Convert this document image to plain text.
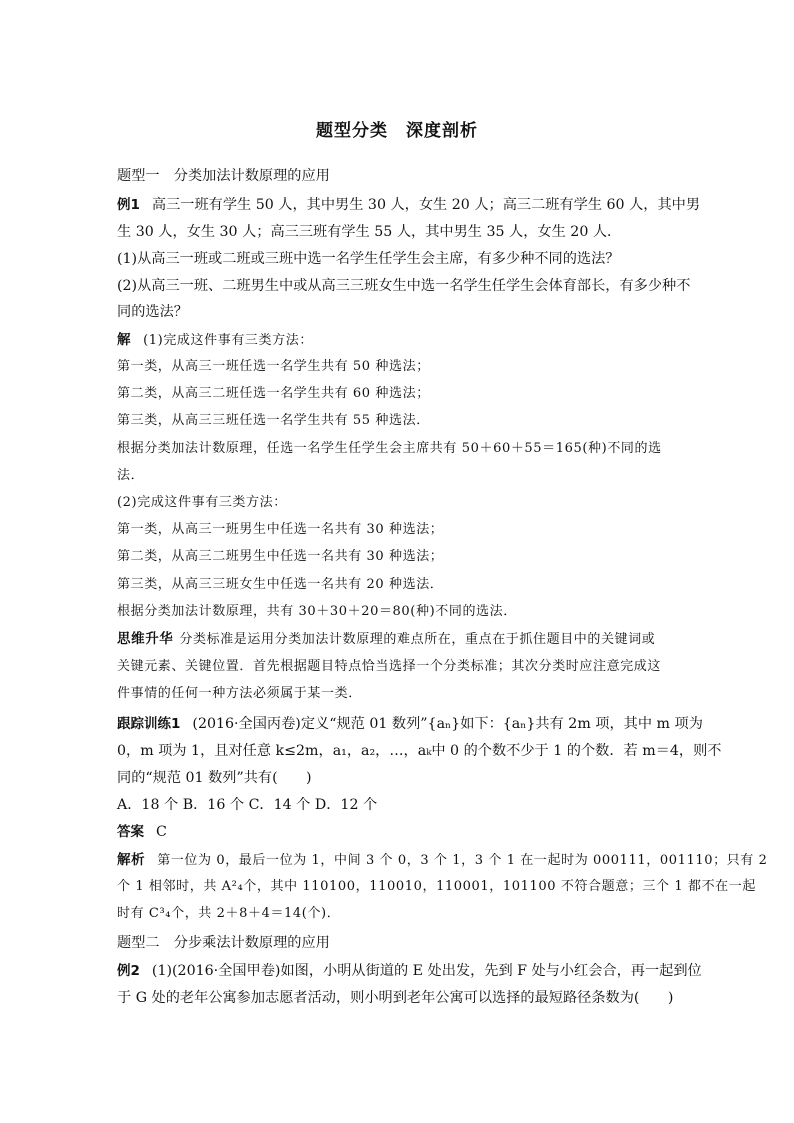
题型分类 深度剖析
题型一　分类加法计数原理的应用
例1 高三一班有学生 50 人，其中男生 30 人，女生 20 人；高三二班有学生 60 人，其中男
生 30 人，女生 30 人；高三三班有学生 55 人，其中男生 35 人，女生 20 人．
(1)从高三一班或二班或三班中选一名学生任学生会主席，有多少种不同的选法？
(2)从高三一班、二班男生中或从高三三班女生中选一名学生任学生会体育部长，有多少种不
同的选法？
解 (1)完成这件事有三类方法：
第一类，从高三一班任选一名学生共有 50 种选法；
第二类，从高三二班任选一名学生共有 60 种选法；
第三类，从高三三班任选一名学生共有 55 种选法．
根据分类加法计数原理，任选一名学生任学生会主席共有 50＋60＋55＝165(种)不同的选
法．
(2)完成这件事有三类方法：
第一类，从高三一班男生中任选一名共有 30 种选法；
第二类，从高三二班男生中任选一名共有 30 种选法；
第三类，从高三三班女生中任选一名共有 20 种选法．
根据分类加法计数原理，共有 30＋30＋20＝80(种)不同的选法．
思维升华 分类标准是运用分类加法计数原理的难点所在，重点在于抓住题目中的关键词或
关键元素、关键位置．首先根据题目特点恰当选择一个分类标准；其次分类时应注意完成这
件事情的任何一种方法必须属于某一类．
跟踪训练1 (2016·全国丙卷)定义“规范 01 数列”{aₙ}如下：{aₙ}共有 2m 项，其中 m 项为
0，m 项为 1，且对任意 k≤2m，a₁，a₂，…，aₖ中 0 的个数不少于 1 的个数．若 m＝4，则不
同的“规范 01 数列”共有(　　)
A．18 个 B．16 个 C．14 个 D．12 个
答案 C
解析 第一位为 0，最后一位为 1，中间 3 个 0，3 个 1，3 个 1 在一起时为 000111，001110；只有 2
个 1 相邻时，共 A²₄个，其中 110100，110010，110001，101100 不符合题意；三个 1 都不在一起
时有 C³₄个，共 2＋8＋4＝14(个)．
题型二　分步乘法计数原理的应用
例2 (1)(2016·全国甲卷)如图，小明从街道的 E 处出发，先到 F 处与小红会合，再一起到位
于 G 处的老年公寓参加志愿者活动，则小明到老年公寓可以选择的最短路径条数为(　　)
